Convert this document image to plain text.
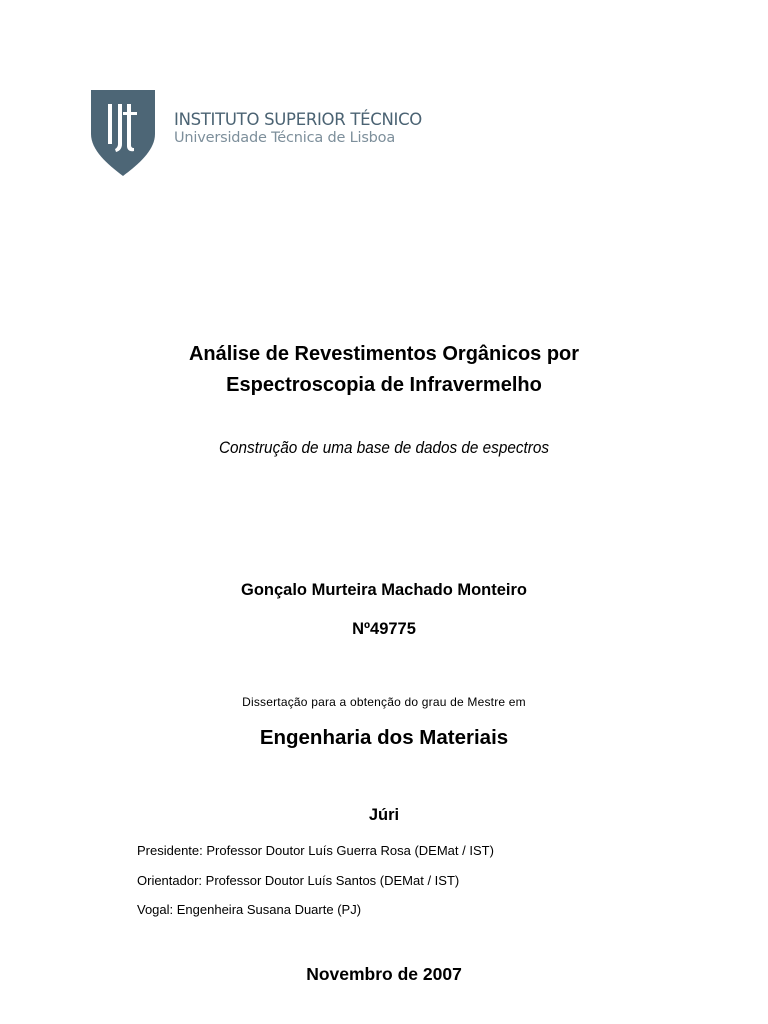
INSTITUTO SUPERIOR TÉCNICO
Universidade Técnica de Lisboa
Análise de Revestimentos Orgânicos por
Espectroscopia de Infravermelho
Construção de uma base de dados de espectros
Gonçalo Murteira Machado Monteiro
Nº49775
Dissertação para a obtenção do grau de Mestre em
Engenharia dos Materiais
Júri
Presidente: Professor Doutor Luís Guerra Rosa (DEMat / IST)
Orientador: Professor Doutor Luís Santos (DEMat / IST)
Vogal: Engenheira Susana Duarte (PJ)
Novembro de 2007
